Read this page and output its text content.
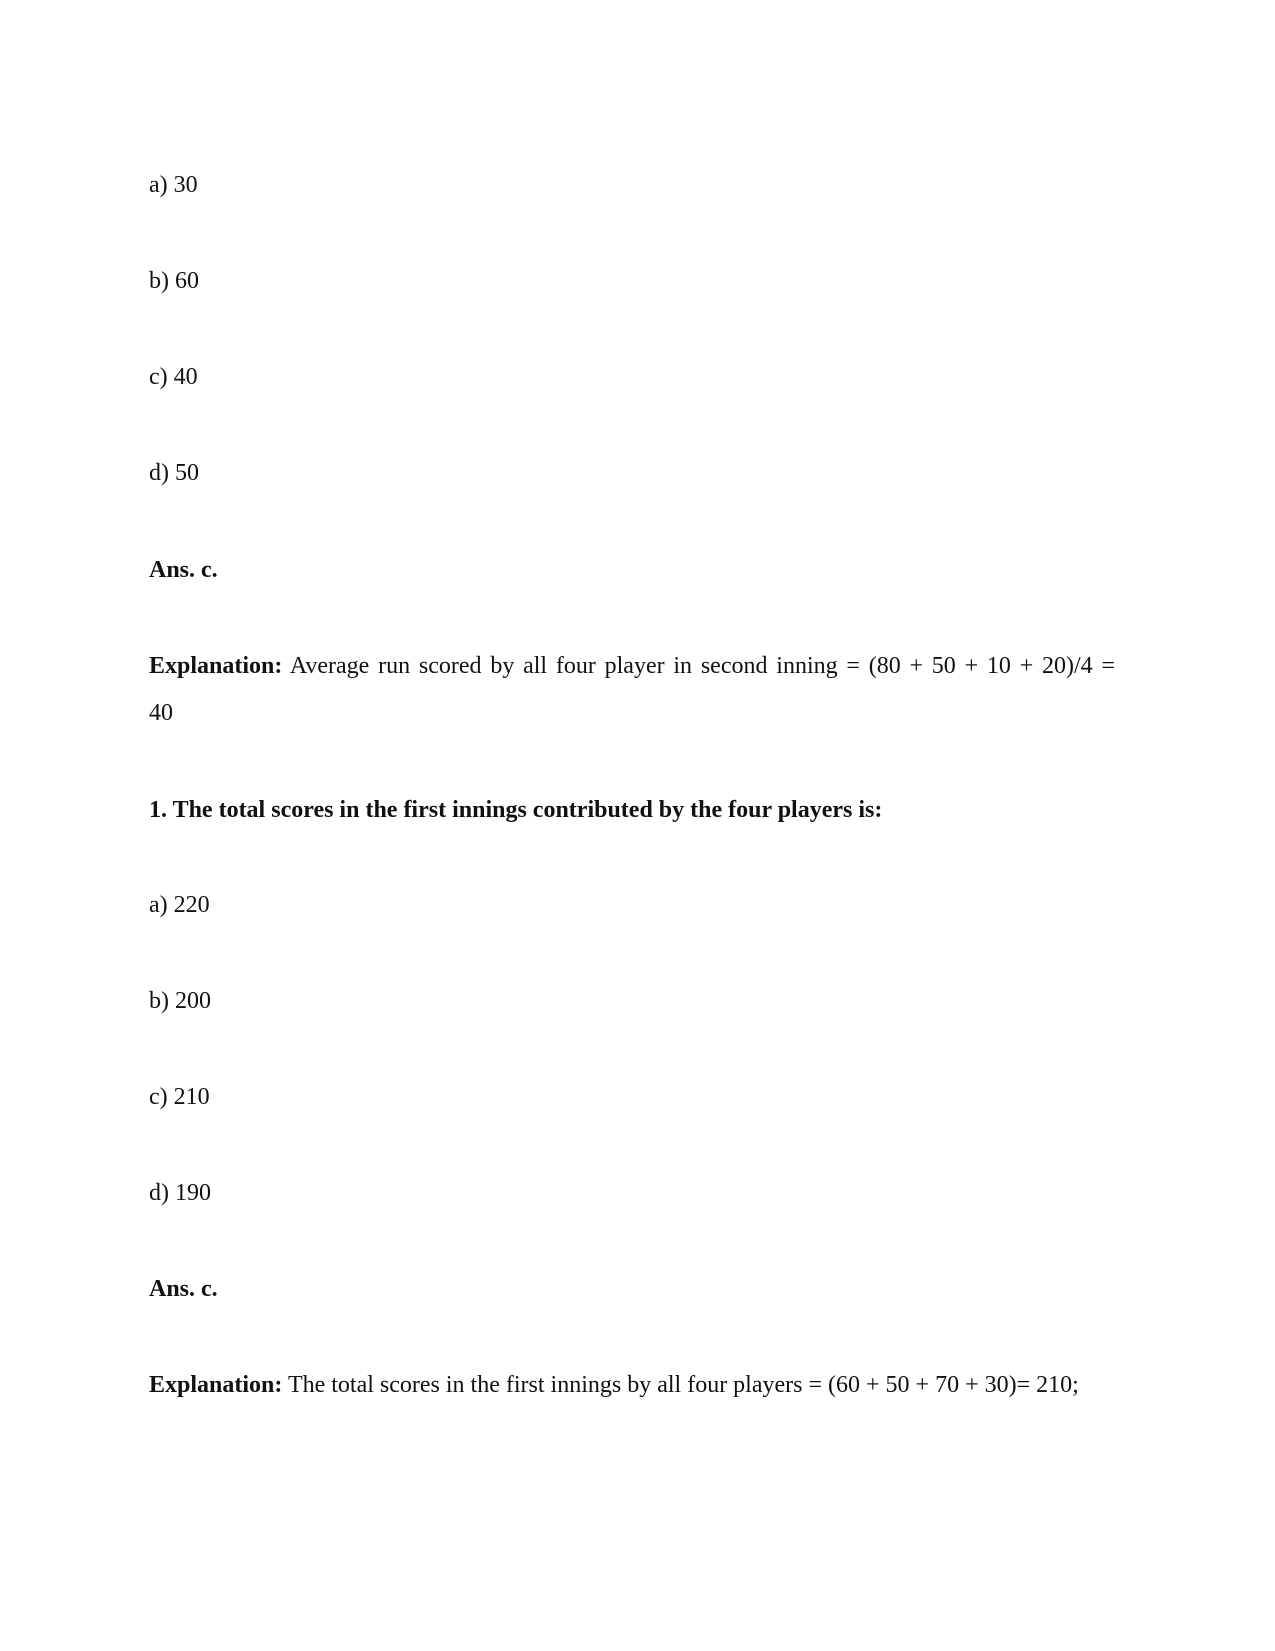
a) 30
b) 60
c) 40
d) 50
Ans. c.
Explanation: Average run scored by all four player in second inning = (80 + 50 + 10 + 20)/4 =
40
1. The total scores in the first innings contributed by the four players is:
a) 220
b) 200
c) 210
d) 190
Ans. c.
Explanation: The total scores in the first innings by all four players = (60 + 50 + 70 + 30)= 210;
